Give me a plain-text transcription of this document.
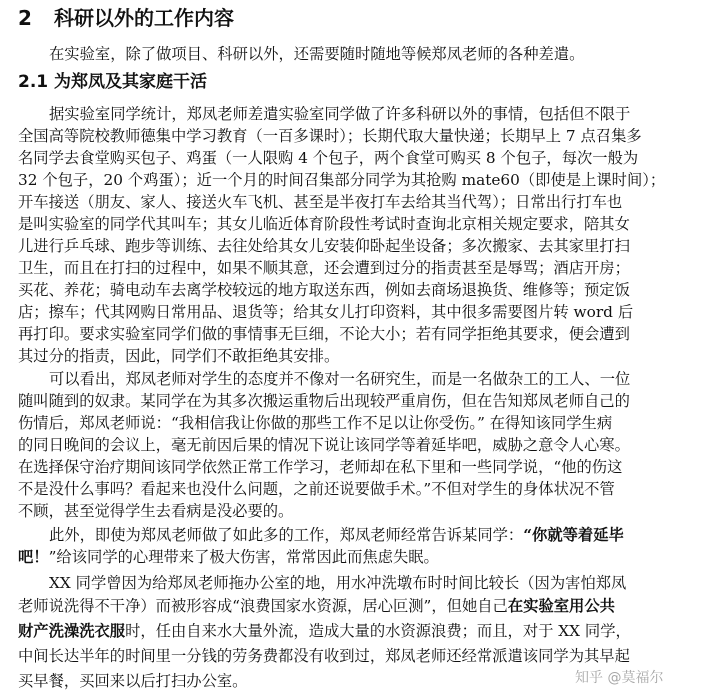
2 科研以外的工作内容
在实验室，除了做项目、科研以外，还需要随时随地等候郑凤老师的各种差遣。
2.1 为郑凤及其家庭干活
据实验室同学统计，郑凤老师差遣实验室同学做了许多科研以外的事情，包括但不限于
全国高等院校教师德集中学习教育（一百多课时）；长期代取大量快递；长期早上 7 点召集多
名同学去食堂购买包子、鸡蛋（一人限购 4 个包子，两个食堂可购买 8 个包子，每次一般为
32 个包子，20 个鸡蛋）；近一个月的时间召集部分同学为其抢购 mate60（即使是上课时间）；
开车接送（朋友、家人、接送火车飞机、甚至是半夜打车去给其当代驾）；日常出行打车也
是叫实验室的同学代其叫车；其女儿临近体育阶段性考试时查询北京相关规定要求，陪其女
儿进行乒乓球、跑步等训练、去往处给其女儿安装仰卧起坐设备；多次搬家、去其家里打扫
卫生，而且在打扫的过程中，如果不顺其意，还会遭到过分的指责甚至是辱骂；酒店开房；
买花、养花；骑电动车去离学校较远的地方取送东西，例如去商场退换货、维修等；预定饭
店；擦车；代其网购日常用品、退货等；给其女儿打印资料，其中很多需要图片转 word 后
再打印。要求实验室同学们做的事情事无巨细，不论大小；若有同学拒绝其要求，便会遭到
其过分的指责，因此，同学们不敢拒绝其安排。
可以看出，郑凤老师对学生的态度并不像对一名研究生，而是一名做杂工的工人、一位
随叫随到的奴隶。某同学在为其多次搬运重物后出现较严重肩伤，但在告知郑凤老师自己的
伤情后，郑凤老师说：“我相信我让你做的那些工作不足以让你受伤。” 在得知该同学生病
的同日晚间的会议上，毫无前因后果的情况下说让该同学等着延毕吧，威胁之意令人心寒。
在选择保守治疗期间该同学依然正常工作学习，老师却在私下里和一些同学说，“他的伤这
不是没什么事吗？看起来也没什么问题，之前还说要做手术。”不但对学生的身体状况不管
不顾，甚至觉得学生去看病是没必要的。
此外，即使为郑凤老师做了如此多的工作，郑凤老师经常告诉某同学：“你就等着延毕
吧！”给该同学的心理带来了极大伤害，常常因此而焦虑失眠。
XX 同学曾因为给郑凤老师拖办公室的地，用水冲洗墩布时时间比较长（因为害怕郑凤
老师说洗得不干净）而被形容成“浪费国家水资源，居心叵测”，但她自己在实验室用公共
财产洗澡洗衣服时，任由自来水大量外流，造成大量的水资源浪费；而且，对于 XX 同学，
中间长达半年的时间里一分钱的劳务费都没有收到过，郑凤老师还经常派遣该同学为其早起
买早餐，买回来以后打扫办公室。	知乎 @莫福尔
